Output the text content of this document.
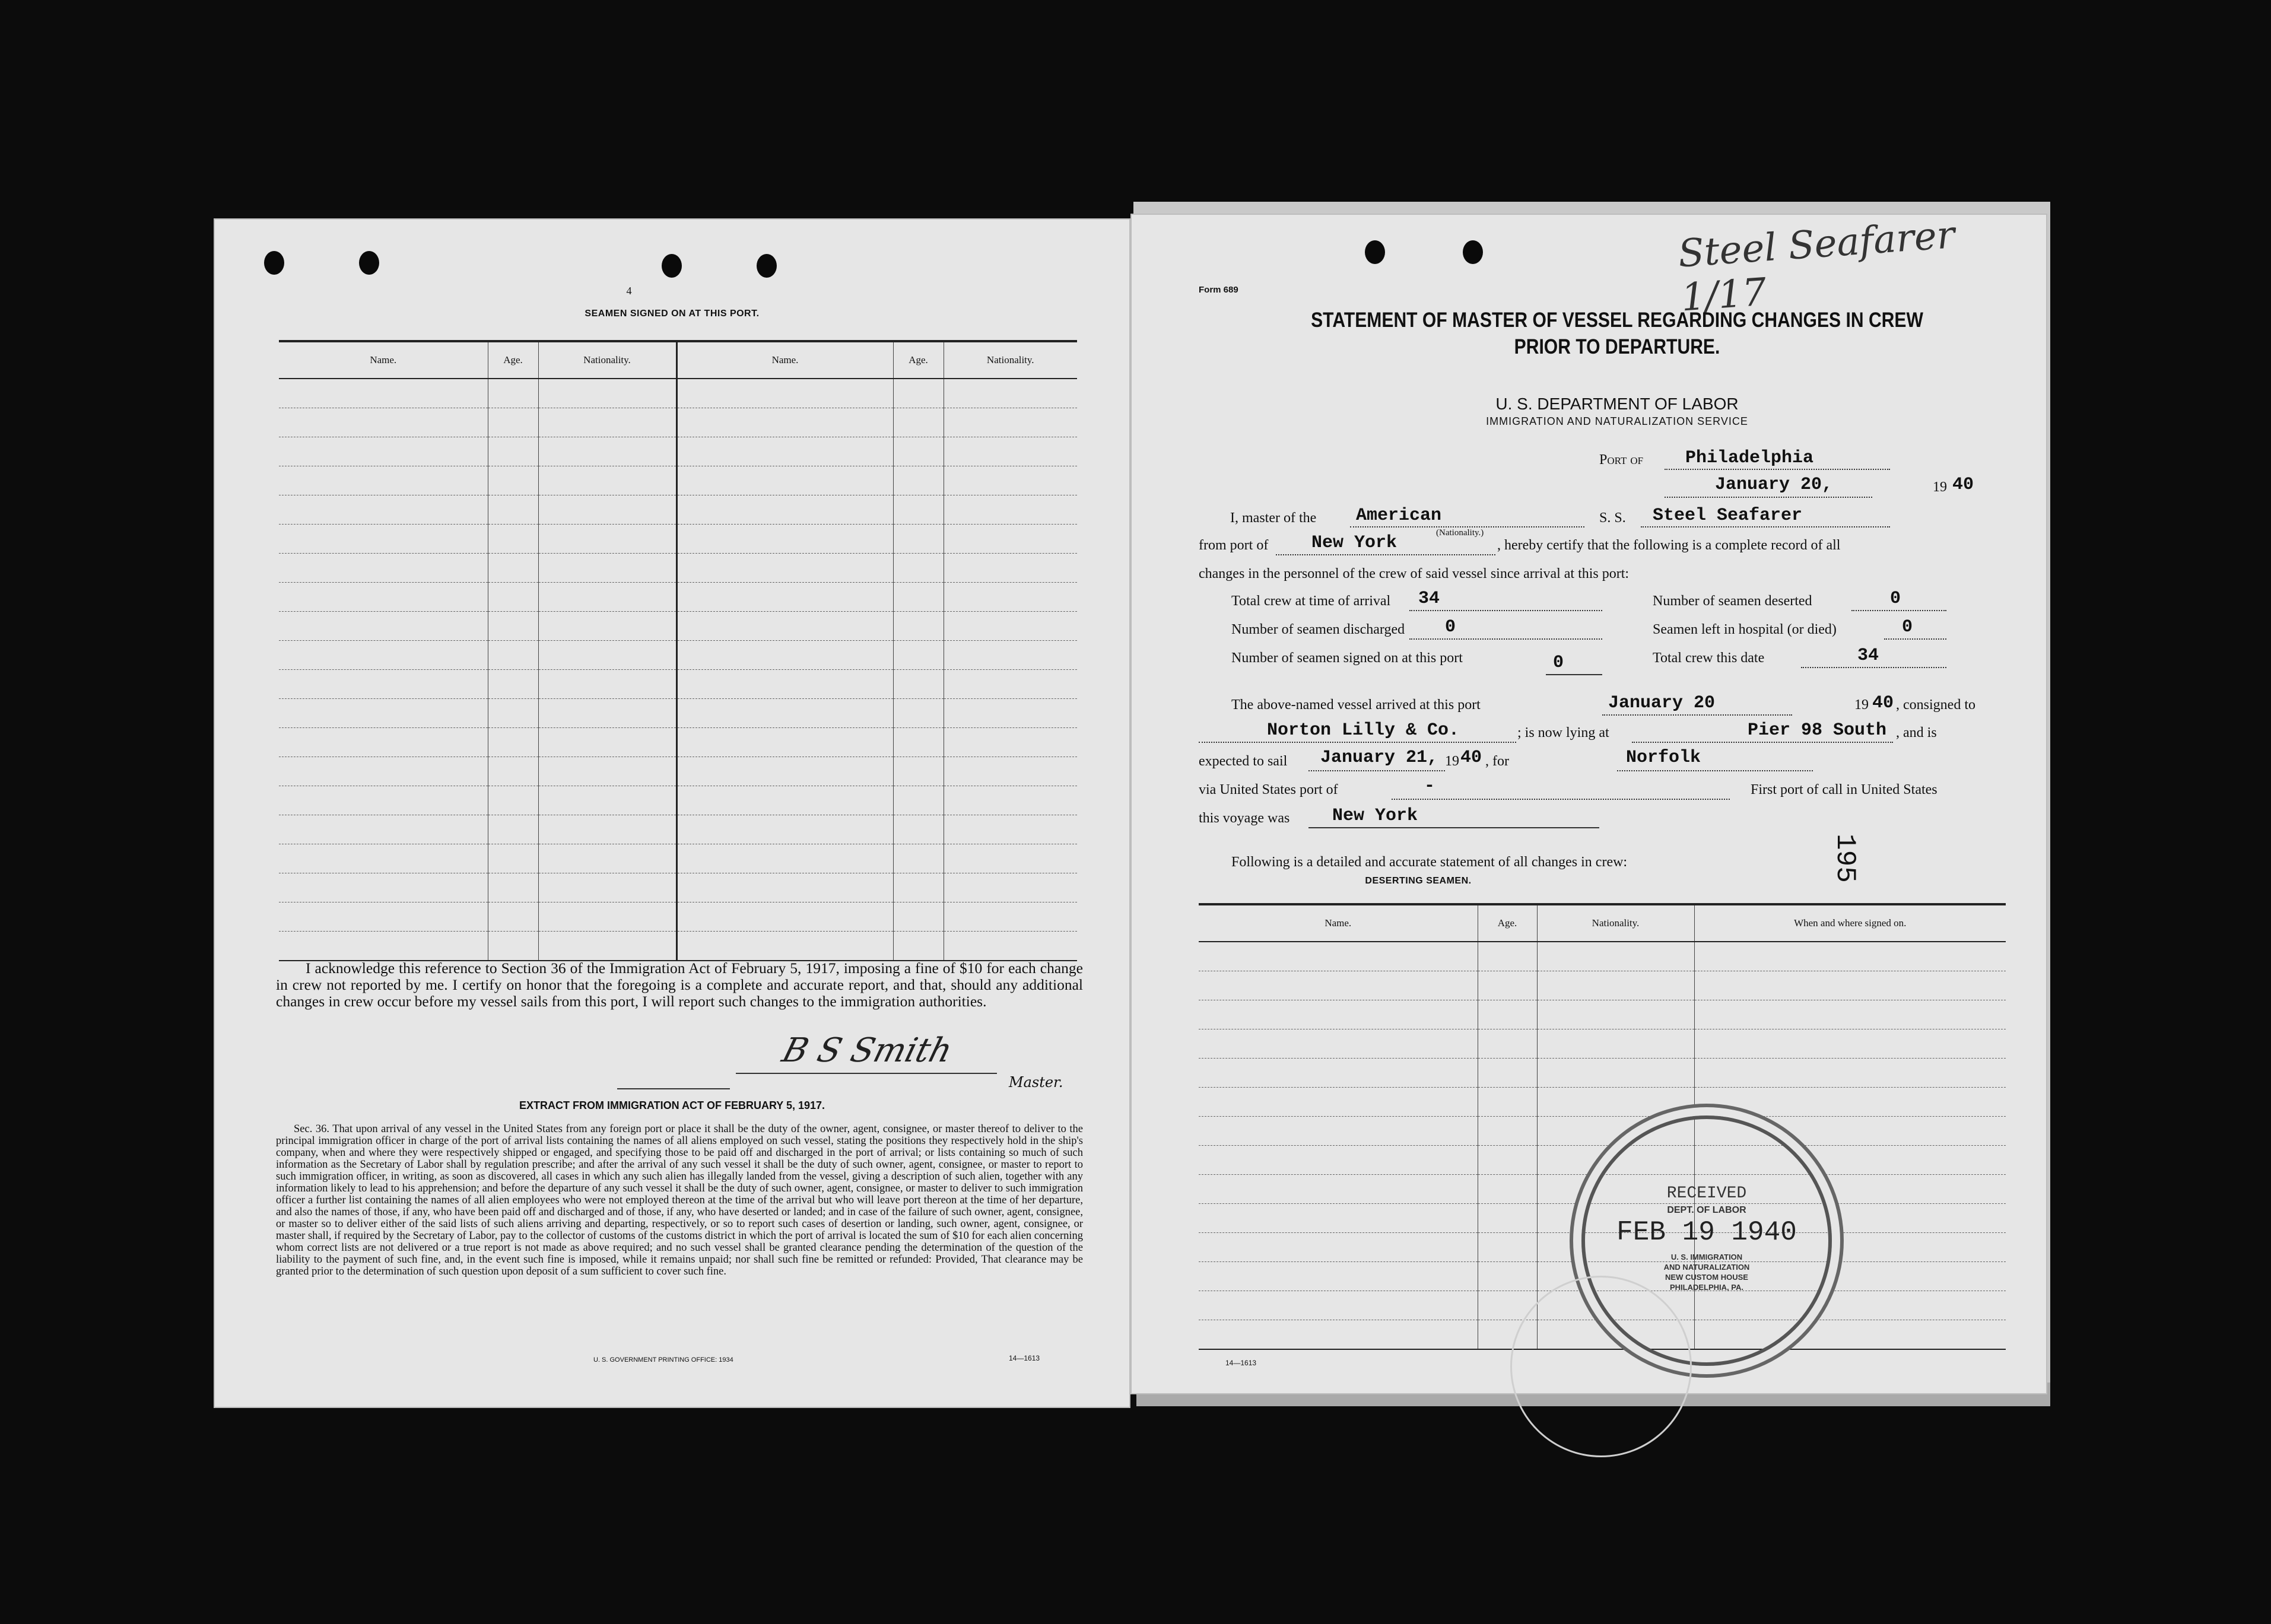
4
SEAMEN SIGNED ON AT THIS PORT.
Name.	Age.	Nationality.	Name.	Age.	Nationality.

I acknowledge this reference to Section 36 of the Immigration Act of February 5, 1917, imposing a fine of $10 for each change in crew not reported by me. I certify on honor that the foregoing is a complete and accurate report, and that, should any additional changes in crew occur before my vessel sails from this port, I will report such changes to the immigration authorities.
B S Smith
Master.
EXTRACT FROM IMMIGRATION ACT OF FEBRUARY 5, 1917.
Sec. 36. That upon arrival of any vessel in the United States from any foreign port or place it shall be the duty of the owner, agent, consignee, or master thereof to deliver to the principal immigration officer in charge of the port of arrival lists containing the names of all aliens employed on such vessel, stating the positions they respectively hold in the ship's company, when and where they were respectively shipped or engaged, and specifying those to be paid off and discharged in the port of arrival; or lists containing so much of such information as the Secretary of Labor shall by regulation prescribe; and after the arrival of any such vessel it shall be the duty of such owner, agent, consignee, or master to report to such immigration officer, in writing, as soon as discovered, all cases in which any such alien has illegally landed from the vessel, giving a description of such alien, together with any information likely to lead to his apprehension; and before the departure of any such vessel it shall be the duty of such owner, agent, consignee, or master to deliver to such immigration officer a further list containing the names of all alien employees who were not employed thereon at the time of the arrival but who will leave port thereon at the time of her departure, and also the names of those, if any, who have been paid off and discharged and of those, if any, who have deserted or landed; and in case of the failure of such owner, agent, consignee, or master so to deliver either of the said lists of such aliens arriving and departing, respectively, or so to report such cases of desertion or landing, such owner, agent, consignee, or master shall, if required by the Secretary of Labor, pay to the collector of customs of the customs district in which the port of arrival is located the sum of $10 for each alien concerning whom correct lists are not delivered or a true report is not made as above required; and no such vessel shall be granted clearance pending the determination of the question of the liability to the payment of such fine, and, in the event such fine is imposed, while it remains unpaid; nor shall such fine be remitted or refunded: Provided, That clearance may be granted prior to the determination of such question upon deposit of a sum sufficient to cover such fine.
U. S. GOVERNMENT PRINTING OFFICE: 1934	14—1613
Steel Seafarer 1/17
Form 689
STATEMENT OF MASTER OF VESSEL REGARDING CHANGES IN CREW
PRIOR TO DEPARTURE.
U. S. DEPARTMENT OF LABOR
IMMIGRATION AND NATURALIZATION SERVICE
Port of Philadelphia
January 20,	19 40
I, master of the American
(Nationality.)
S. S. Steel Seafarer
from port of New York	, hereby certify that the following is a complete record of all
changes in the personnel of the crew of said vessel since arrival at this port:
Total crew at time of arrival 34	Number of seamen deserted	0
Number of seamen discharged 0	Seamen left in hospital (or died)	0
Number of seamen signed on at this port	0	Total crew this date	34
The above-named vessel arrived at this port	January 20	19 40 , consigned to
Norton Lilly & Co.	; is now lying at	Pier 98 South , and is
expected to sail January 21, 19 40 , for	Norfolk
via United States port of	-	First port of call in United States
this voyage was New York
195
Following is a detailed and accurate statement of all changes in crew:
DESERTING SEAMEN.
Name.	Age.	Nationality.	When and where signed on.

14—1613
RECEIVED
DEPT. OF LABOR
FEB 19 1940
U. S. IMMIGRATION
AND NATURALIZATION
NEW CUSTOM HOUSE
PHILADELPHIA, PA.
